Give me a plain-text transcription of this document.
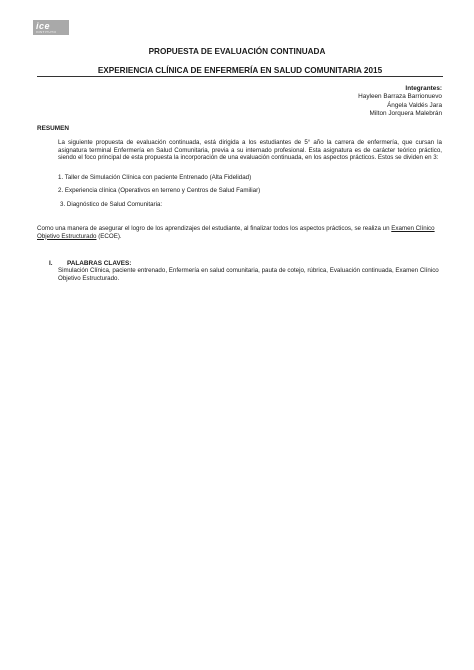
ice
INSTITUTO
PROPUESTA DE EVALUACIÓN CONTINUADA
EXPERIENCIA CLÍNICA DE ENFERMERÍA EN SALUD COMUNITARIA 2015
Integrantes:
Hayleen Barraza Barrionuevo
Ángela Valdés Jara
Milton Jorquera Malebrán
RESUMEN
La siguiente propuesta de evaluación continuada, está dirigida a los estudiantes de 5° año la carrera de enfermería, que cursan la asignatura terminal Enfermería en Salud Comunitaria, previa a su internado profesional. Esta asignatura es de carácter teórico práctico, siendo el foco principal de esta propuesta la incorporación de una evaluación continuada, en los aspectos prácticos. Estos se dividen en 3:
1. Taller de Simulación Clínica con paciente Entrenado (Alta Fidelidad)
2. Experiencia clínica (Operativos en terreno y Centros de Salud Familiar)
3. Diagnóstico de Salud Comunitaria:
Como una manera de asegurar el logro de los aprendizajes del estudiante, al finalizar todos los aspectos prácticos, se realiza un Examen Clínico Objetivo Estructurado (ECOE).
I. PALABRAS CLAVES:
Simulación Clínica, paciente entrenado, Enfermería en salud comunitaria, pauta de cotejo, rúbrica, Evaluación continuada, Examen Clínico Objetivo Estructurado.
